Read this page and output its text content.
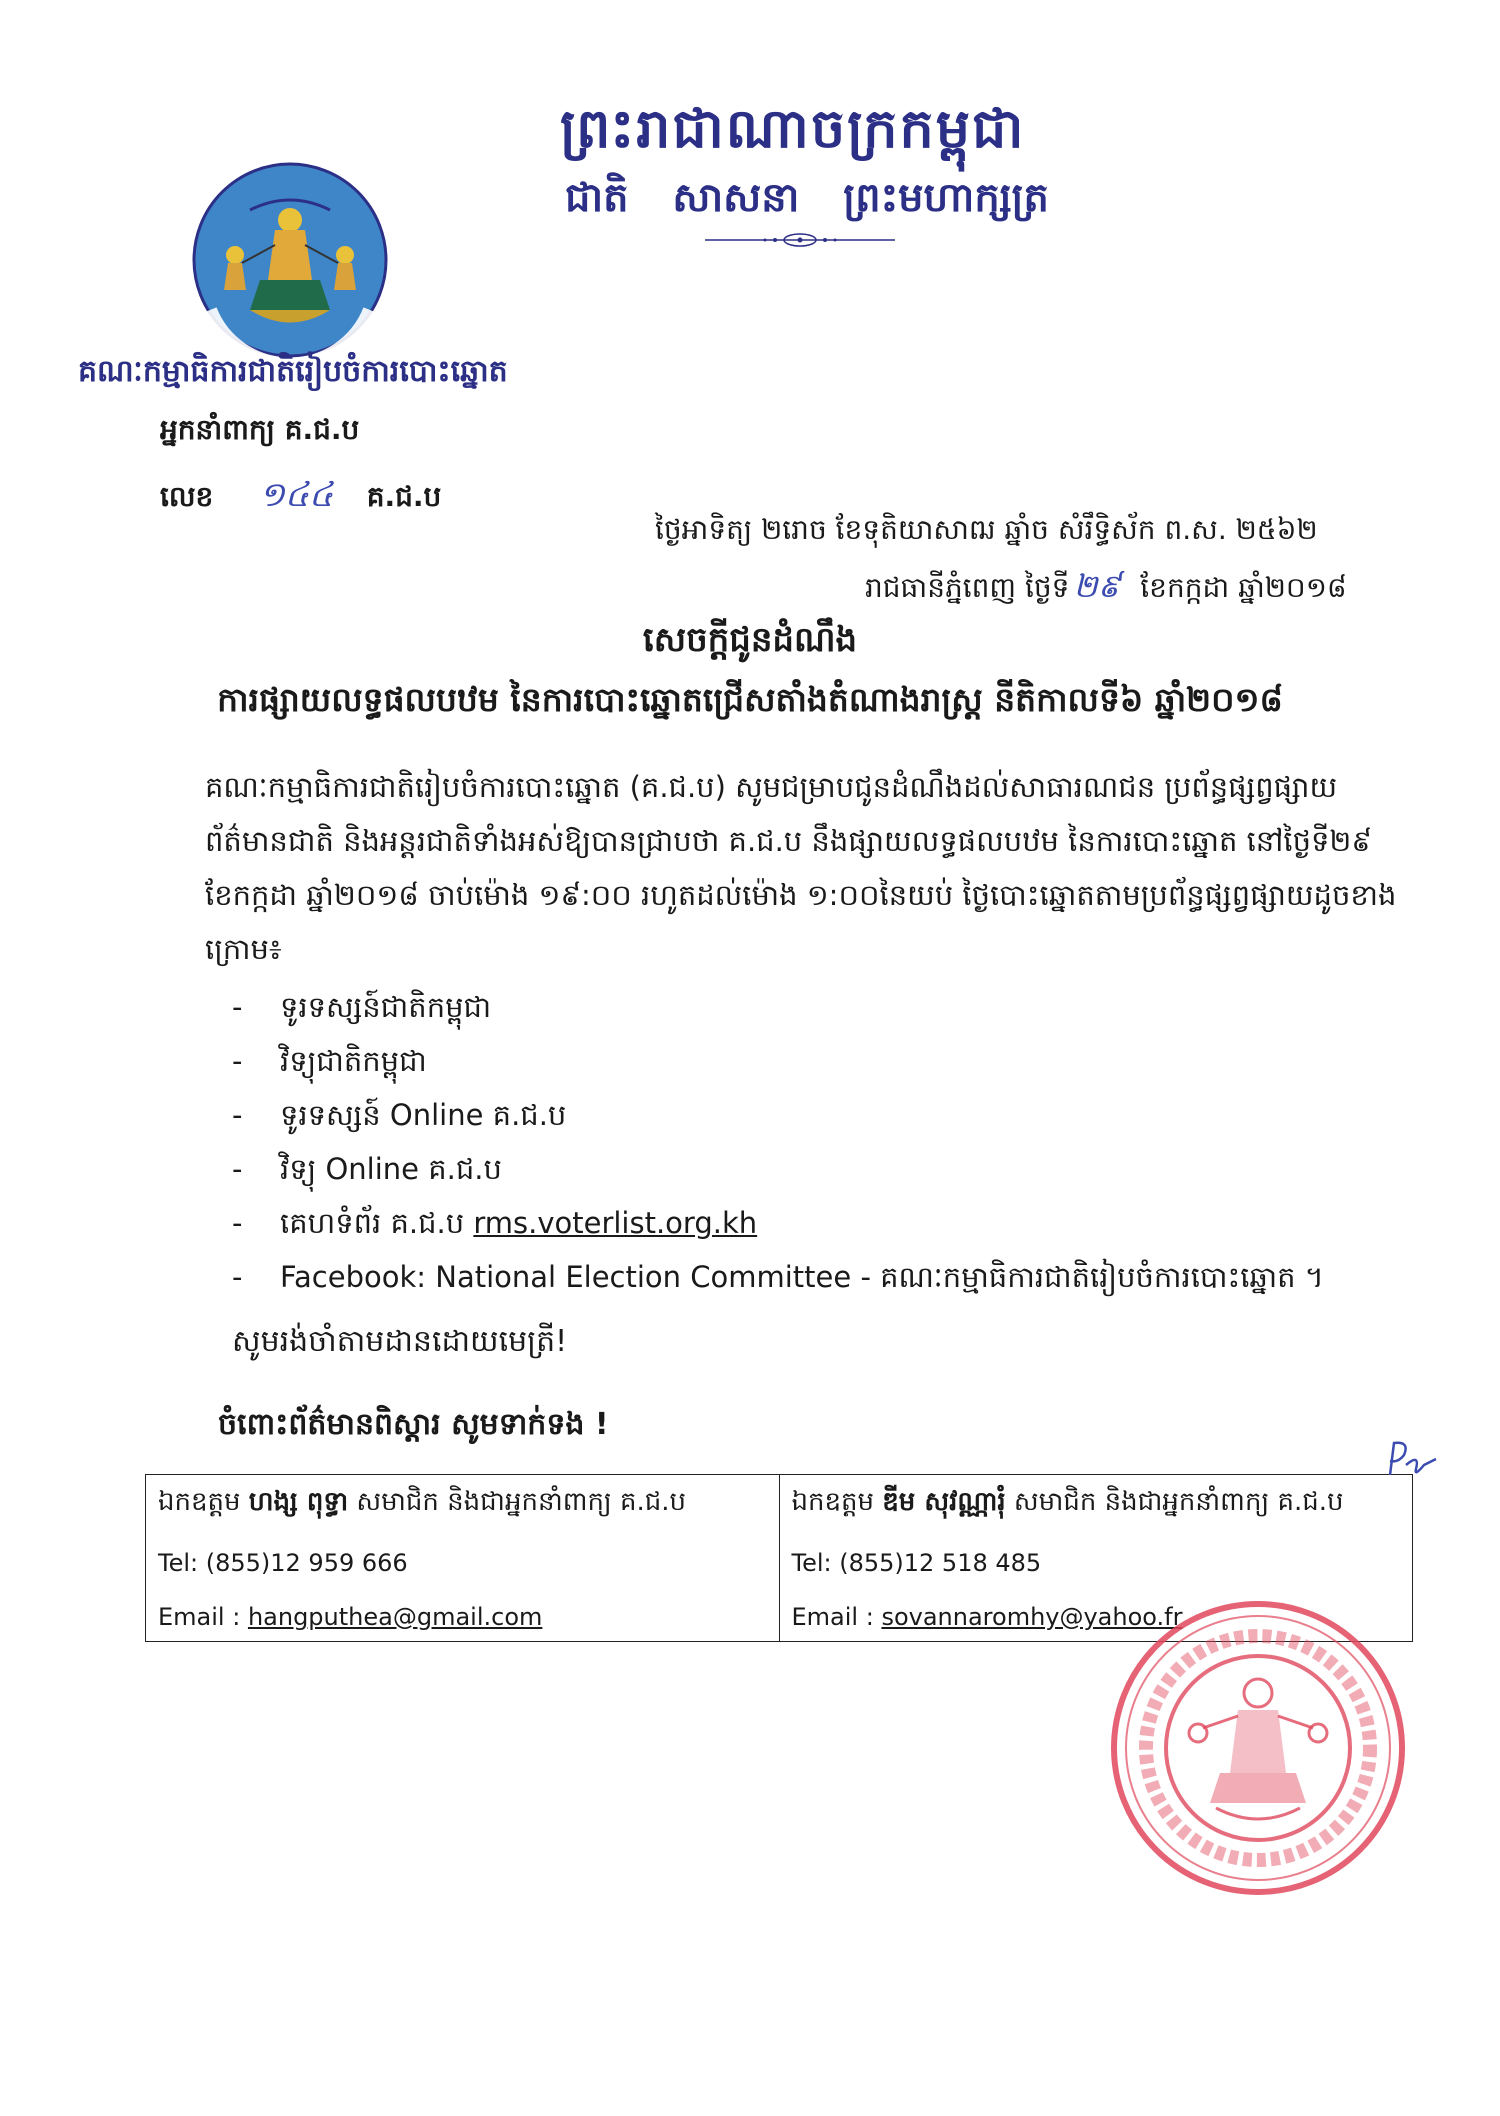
ព្រះរាជាណាចក្រកម្ពុជា
ជាតិ សាសនា ព្រះមហាក្សត្រ
គណៈកម្មាធិការជាតិរៀបចំការបោះឆ្នោត
អ្នកនាំពាក្យ គ.ជ.ប
លេខ ១៤៤ គ.ជ.ប
ថ្ងៃអាទិត្យ ២រោច ខែទុតិយាសាឍ ឆ្នាំច សំរឹទ្ធិស័ក ព.ស. ២៥៦២
រាជធានីភ្នំពេញ ថ្ងៃទី ២៩ ខែកក្កដា ឆ្នាំ២០១៨
សេចក្តីជូនដំណឹង
ការផ្សាយលទ្ធផលបឋម នៃការបោះឆ្នោតជ្រើសតាំងតំណាងរាស្ត្រ នីតិកាលទី៦ ឆ្នាំ២០១៨
គណៈកម្មាធិការជាតិរៀបចំការបោះឆ្នោត (គ.ជ.ប) សូមជម្រាបជូនដំណឹងដល់សាធារណជន ប្រព័ន្ធផ្សព្វផ្សាយព័ត៌មានជាតិ និងអន្តរជាតិទាំងអស់ឱ្យបានជ្រាបថា គ.ជ.ប នឹងផ្សាយលទ្ធផលបឋម នៃការបោះឆ្នោត នៅថ្ងៃទី២៩ ខែកក្កដា ឆ្នាំ២០១៨ ចាប់ម៉ោង ១៩:០០ រហូតដល់ម៉ោង ១:០០នៃយប់ ថ្ងៃបោះឆ្នោតតាមប្រព័ន្ធផ្សព្វផ្សាយដូចខាងក្រោម៖
- ទូរទស្សន៍ជាតិកម្ពុជា
- វិទ្យុជាតិកម្ពុជា
- ទូរទស្សន៍ Online គ.ជ.ប
- វិទ្យុ Online គ.ជ.ប
- គេហទំព័រ គ.ជ.ប rms.voterlist.org.kh
- Facebook: National Election Committee - គណៈកម្មាធិការជាតិរៀបចំការបោះឆ្នោត ។
សូមរង់ចាំតាមដានដោយមេត្រី!
ចំពោះព័ត៌មានពិស្តារ សូមទាក់ទង !
ឯកឧត្តម ហង្ស ពុទ្ធា សមាជិក និងជាអ្នកនាំពាក្យ គ.ជ.ប
Tel: (855)12 959 666
Email : hangputhea@gmail.com

ឯកឧត្តម ឌីម សុវណ្ណារុំ សមាជិក និងជាអ្នកនាំពាក្យ គ.ជ.ប
Tel: (855)12 518 485
Email : sovannaromhy@yahoo.fr
